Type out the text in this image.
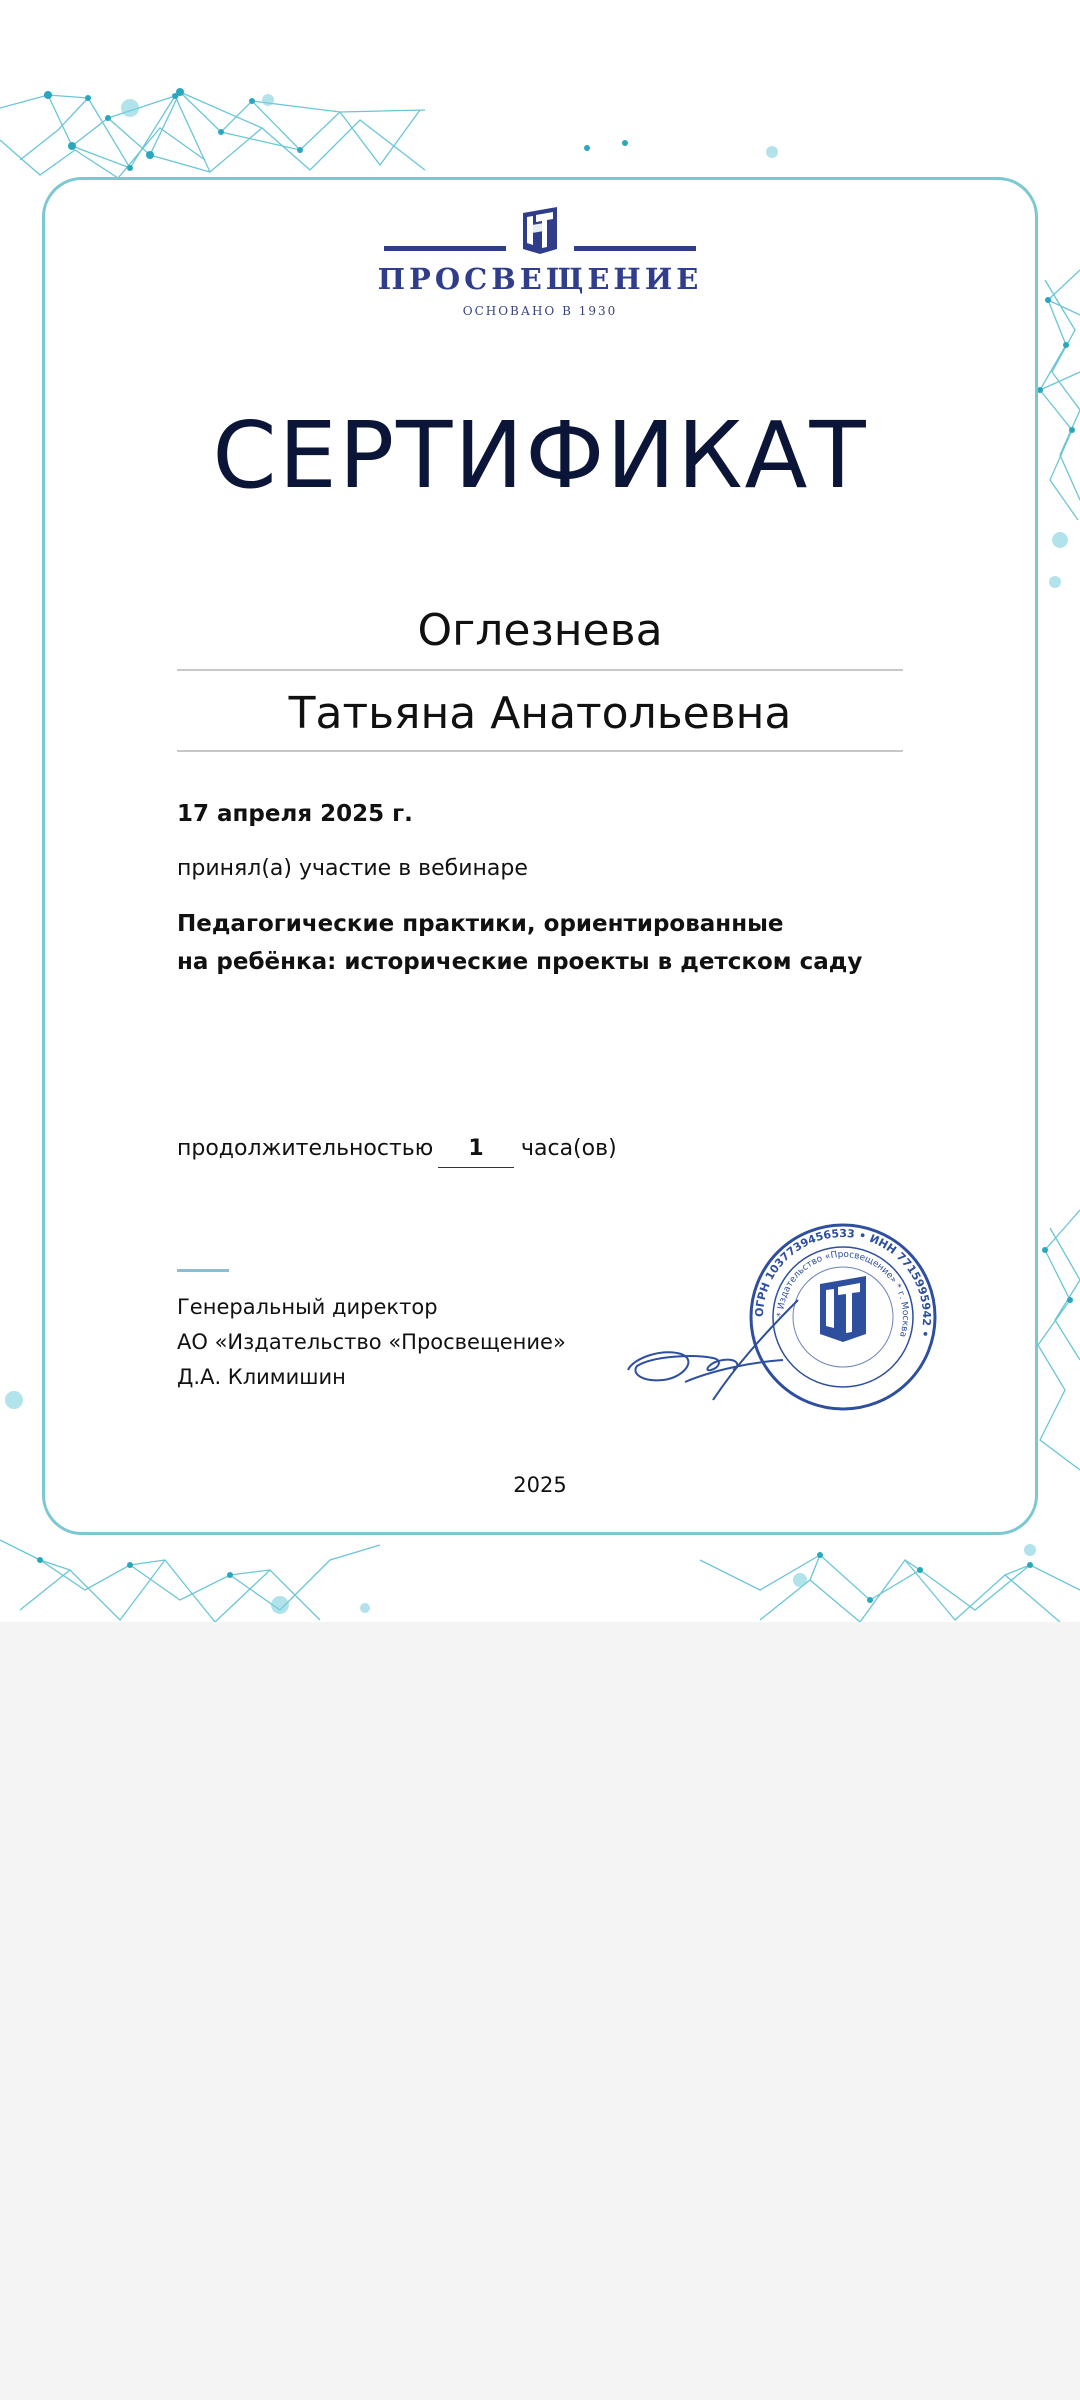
ПРОСВЕЩЕНИЕ
ОСНОВАНО В 1930
СЕРТИФИКАТ
Оглезнева
Татьяна Анатольевна
17 апреля 2025 г.
принял(а) участие в вебинаре
Педагогические практики, ориентированные
на ребёнка: исторические проекты в детском саду
продолжительностью	1	часа(ов)
Генеральный директор
АО «Издательство «Просвещение»
Д.А. Климишин
ОГРН 1037739456533 • ИНН 7715995942 •
* Издательство «Просвещение» * г. Москва
2025
